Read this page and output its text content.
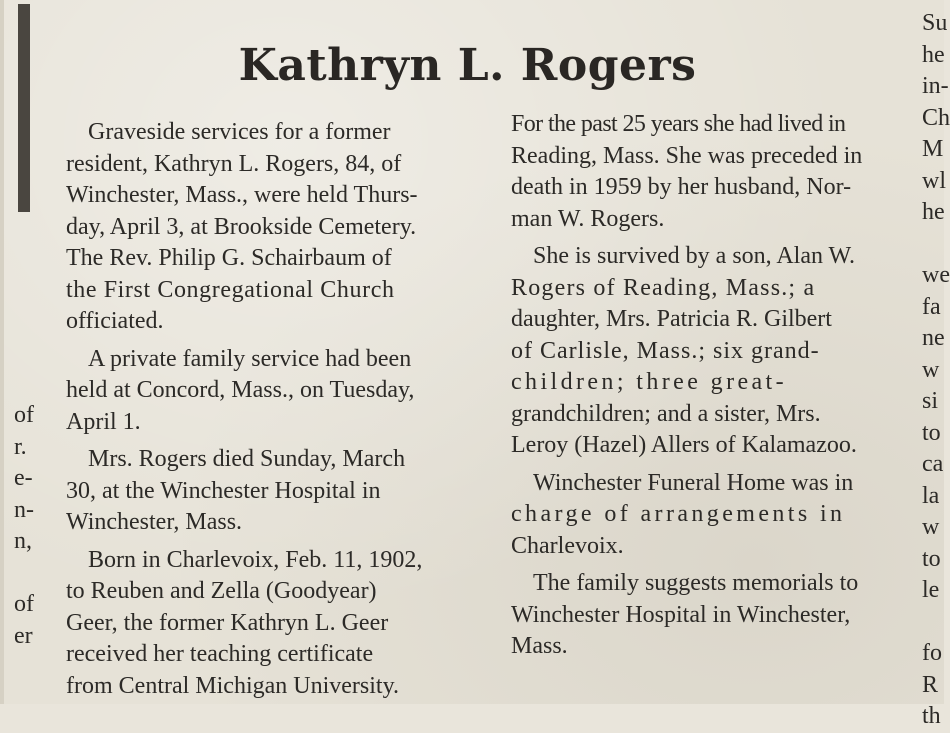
Kathryn L. Rogers
of
r.
e-
n-
n,

of
er
Graveside services for a former
resident, Kathryn L. Rogers, 84, of
Winchester, Mass., were held Thurs-
day, April 3, at Brookside Cemetery.
The Rev. Philip G. Schairbaum of
the First Congregational Church
officiated.
A private family service had been
held at Concord, Mass., on Tuesday,
April 1.
Mrs. Rogers died Sunday, March
30, at the Winchester Hospital in
Winchester, Mass.
Born in Charlevoix, Feb. 11, 1902,
to Reuben and Zella (Goodyear)
Geer, the former Kathryn L. Geer
received her teaching certificate
from Central Michigan University.
For the past 25 years she had lived in
Reading, Mass. She was preceded in
death in 1959 by her husband, Nor-
man W. Rogers.
She is survived by a son, Alan W.
Rogers of Reading, Mass.; a
daughter, Mrs. Patricia R. Gilbert
of Carlisle, Mass.; six grand-
children; three great-
grandchildren; and a sister, Mrs.
Leroy (Hazel) Allers of Kalamazoo.
Winchester Funeral Home was in
charge of arrangements in
Charlevoix.
The family suggests memorials to
Winchester Hospital in Winchester,
Mass.
Su
he
in-
Ch
M
wl
he

we
fa
ne
w
si
to
ca
la
w
to
le

fo
R
th
